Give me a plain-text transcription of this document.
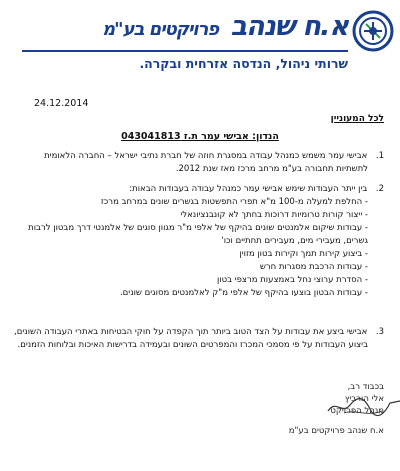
א.ח שנהב פרויקטים בע"מ
שרותי ניהול, הנדסה אזרחית ובקרה.
24.12.2014
לכל המעוניין
הנדון: אבישי עמר ת.ז 043041813
1. אבישי עמר משמש כמנהל עבודה במסגרת חוזה של חברת נתיבי ישראל – החברה הלאומית
לתשתיות תחבורה בע"מ מרחב מרכז מאז שנת 2012.
2. בין ייתר העבודות שימש אבישי עמר כמנהל עבודה בעבודות הבאות:
- החלפת למעלה מ-100 מ"א תפרי התפשטות בגשרים שונים במרחב מרכז
- ייצור קורות טרומיות דרוכות בחתך לא קונבנציונאלי
- עבודות שיקום אלמנטים שונים בהיקף של אלפי מ"ר מגוון סוגים של אלמנטי דרך מבטון לרבות
גשרים, מעבירי מים, מעבירים תחתיים וכו'
- ביצוע קירות תמך וקירות בטון מזוין
- עבודות הרכבת מסגרות חרש
- הסדרת ערוצי נחל באמצעות מרצפי בטון
- עבודות הבטון בוצעו בהיקף של אלפי מ"ק לאלמנטים מסוגים שונים.
3. אבישי ביצע את עבודות על הצד הטוב ביותר תוך הקפדה על חוקי הבטיחות באתרי העבודה השונים,
ביצוע העבודות על פי מסמכי המכרז והמפרטים השונים ובעמידה בדרישות האיכות ובלוחות הזמנים.
בכבוד רב,
אלי הורביץ
מנהל הפרויקט
א.ח שנהב פרויקטים בע"מ
